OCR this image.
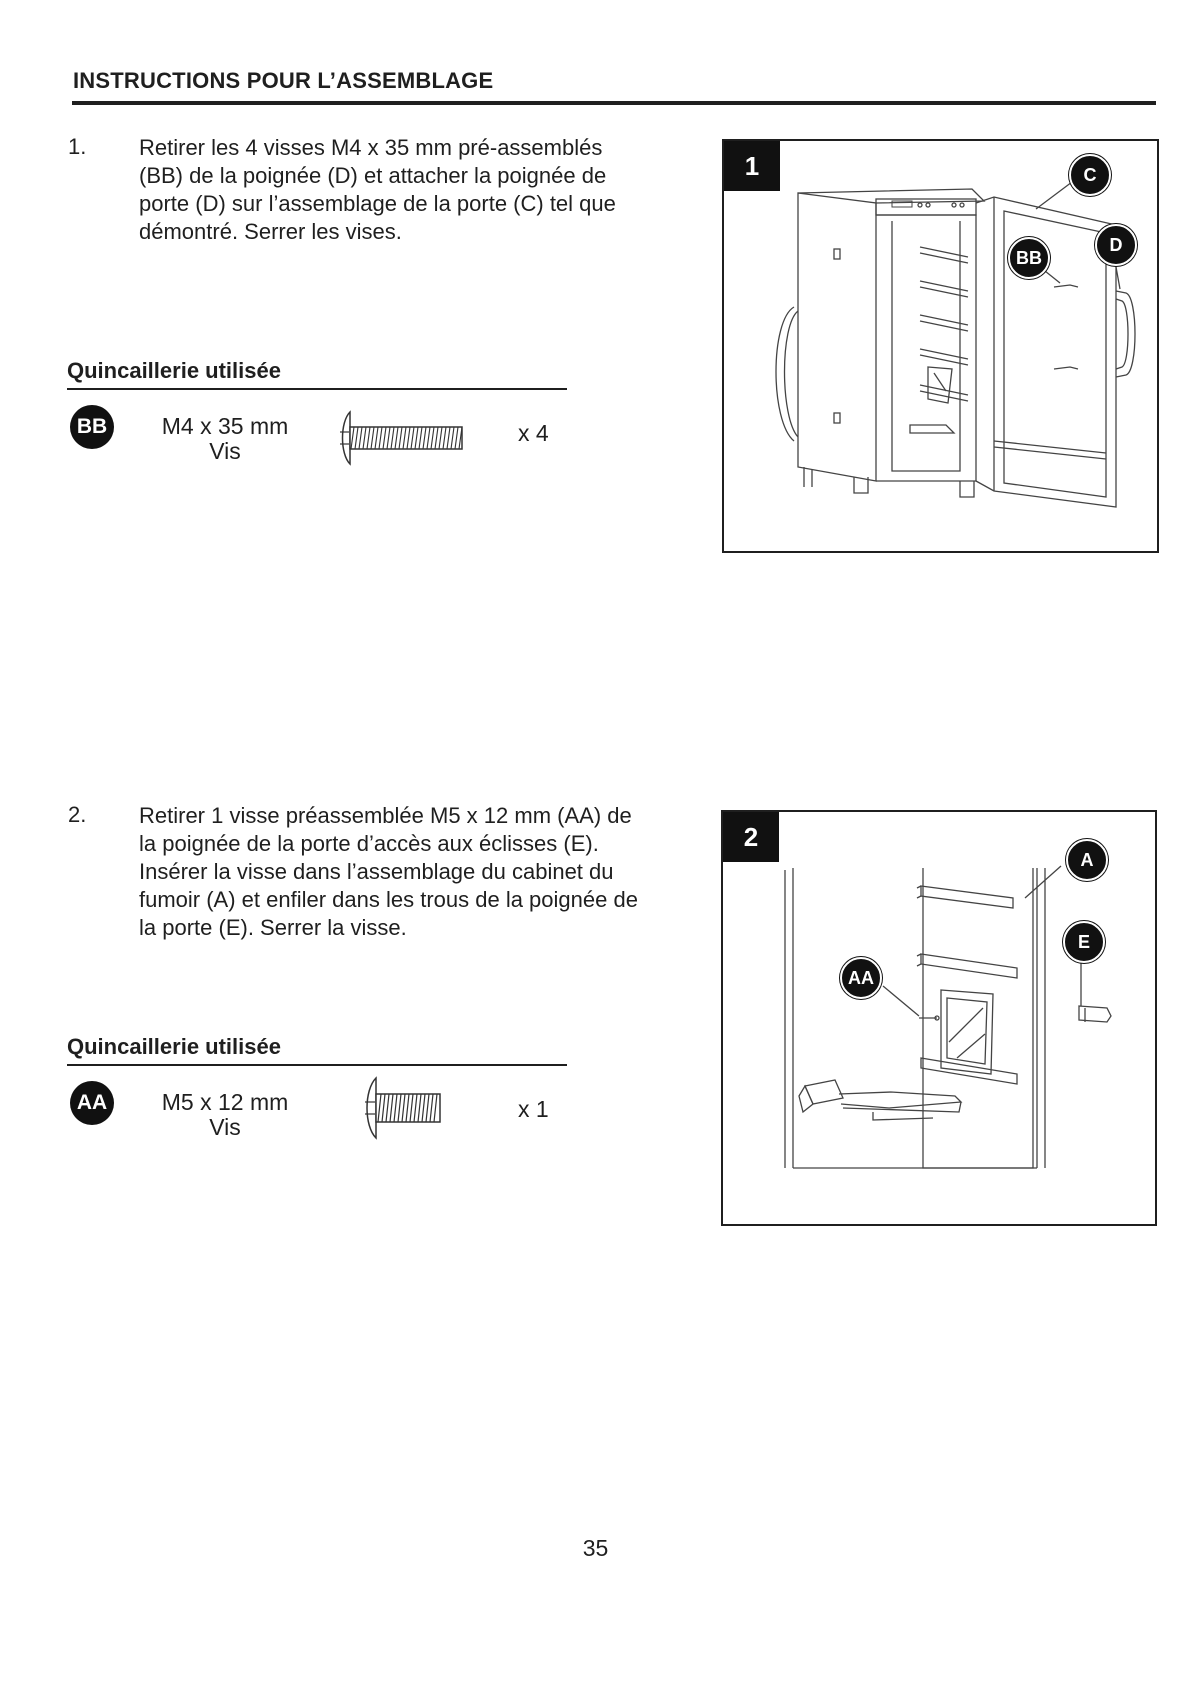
INSTRUCTIONS POUR L’ASSEMBLAGE
1. Retirer les 4 visses M4 x 35 mm pré-assemblés

(BB) de la poignée (D) et attacher la poignée de

porte (D) sur l’assemblage de la porte (C) tel que

démontré. Serrer les vises.

Quincaillerie utilisée
BB	M4 x 35 mm
Vis
x 4
1	C
D
BB
2. Retirer 1 visse préassemblée M5 x 12 mm (AA) de

la poignée de la porte d’accès aux éclisses (E).

Insérer la visse dans l’assemblage du cabinet du

fumoir (A) et enfiler dans les trous de la poignée de

la porte (E). Serrer la visse.

Quincaillerie utilisée
AA	M5 x 12 mm
Vis
x 1
2
A
E
AA
35
